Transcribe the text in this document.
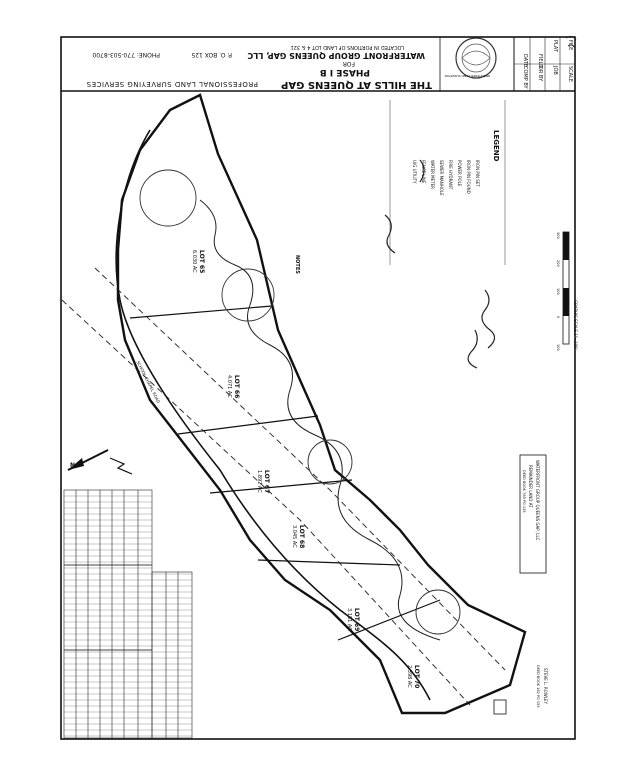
THE HILLS AT QUEENS GAP
PHASE I B
FOR
WATERFRONT GROUP QUEENS GAP, LLC
LOCATED IN PORTIONS OF LAND LOT 4 & 321
PROFESSIONAL LAND SURVEYING SERVICES
P. O. BOX 125
PHONE: 770-503-8700	DATE FIELD
COMP BY DR BY
PLAT FILE
JOB SCALE
REGISTERED LAND SURVEYOR
LEGEND
IRON PIN SET
IRON PIN FOUND
POWER POLE
FIRE HYDRANT
SEWER MANHOLE
WATER METER
FENCE LINE
U/G UTILITY
NOTES
GRAPHIC SCALE 1"=100'
100
0
100
200
300
LOT 65
6.030 AC
LOT 66
4.071 AC
LOT 67
1.892 AC
LOT 68
3.045 AC
LOT 69
3.181 AC
LOT 70
2.398 AC
WATERFRONT GROUP QUEENS GAP, LLC
REMAINDER LAND AT
DEED BOOK 785 PG 135
STEVE L. ROWLEY
DEED BOOK 182 PG 155
N
SCHOOL CHAPEL ROAD
